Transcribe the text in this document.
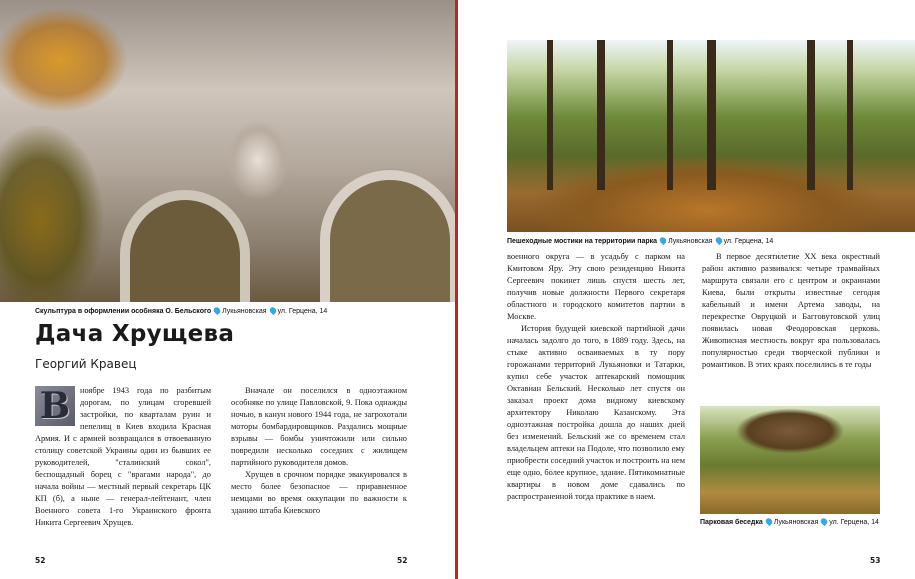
Скульптура в оформлении особняка О. Бельского Лукьяновская ул. Герцена, 14
Дача Хрущева
Георгий Кравец
В	ноябре 1943 года по разбитым дорогам, по улицам сгоревшей застройки, по кварталам руин и пепелищ в Киев входила Красная Армия. И с армией возвращался в отвоеванную столицу советской Украины один из бывших ее руководителей, "сталинский сокол", беспощадный борец с "врагами народа", до начала войны — местный первый секретарь ЦК КП (б), а ныне — генерал-лейтенант, член Военного совета 1-го Украинского фронта Никита Сергеевич Хрущев.

Вначале он поселился в одноэтажном особняке по улице Павловской, 9. Пока однажды ночью, в канун нового 1944 года, не загрохотали моторы бомбардировщиков. Раздались мощные взрывы — бомбы уничтожили или сильно повредили несколько соседних с жилищем партийного руководителя домов.

Хрущев в срочном порядке эвакуировался в место более безопасное — приравненное немцами во время оккупации по важности к зданию штаба Киевского

52	52
Пешеходные мостики на территории парка Лукьяновская ул. Герцена, 14

военного округа — в усадьбу с парком на Кмитовом Яру. Эту свою резиденцию Никита Сергеевич покинет лишь спустя шесть лет, получив новые должности Первого секретаря областного и городского комитетов партии в Москве.

История будущей киевской партийной дачи началась задолго до того, в 1889 году. Здесь, на стыке активно осваиваемых в ту пору горожанами территорий Лукьяновки и Татарки, купил себе участок аптекарский помощник Октавиан Бельский. Несколько лет спустя он заказал проект дома видному киевскому архитектору Николаю Казанскому. Эта одноэтажная постройка дошла до наших дней без изменений. Бельский же со временем стал владельцем аптеки на Подоле, что позволило ему приобрести соседний участок и построить на нем еще одно, более крупное, здание. Пятикомнатные квартиры в новом доме сдавались по распространенной тогда практике в наем.

В первое десятилетие XX века окрестный район активно развивался: четыре трамвайных маршрута связали его с центром и окраинами Киева, были открыты известные сегодня кабельный и имени Артема заводы, на перекрестке Овруцкой и Багговутовской улиц появилась новая Феодоровская церковь. Живописная местность вокруг яра пользовалась популярностью среди творческой публики и романтиков. В этих краях поселились в те годы

Парковая беседка Лукьяновская ул. Герцена, 14
53
